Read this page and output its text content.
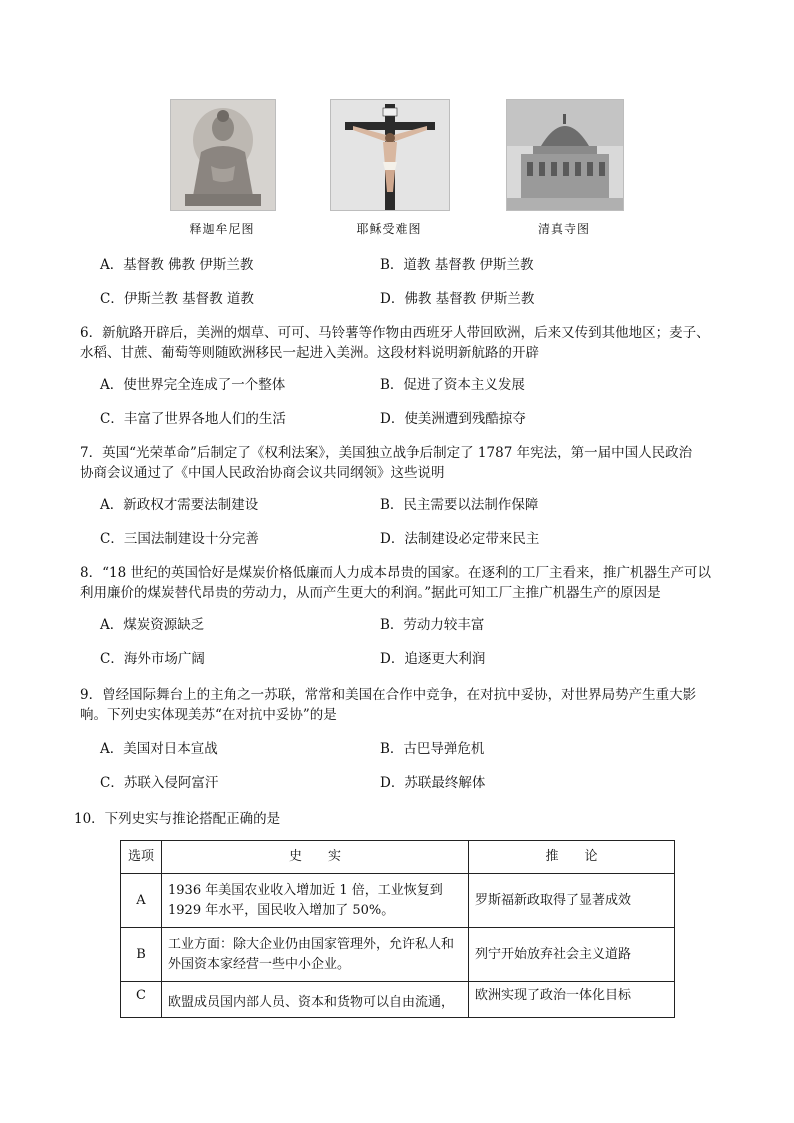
释迦牟尼图	耶稣受难图	清真寺图
A．基督教 佛教 伊斯兰教	B．道教 基督教 伊斯兰教
C．伊斯兰教 基督教 道教	D．佛教 基督教 伊斯兰教
6．新航路开辟后，美洲的烟草、可可、马铃薯等作物由西班牙人带回欧洲，后来又传到其他地区；麦子、
水稻、甘蔗、葡萄等则随欧洲移民一起进入美洲。这段材料说明新航路的开辟
A．使世界完全连成了一个整体	B．促进了资本主义发展
C．丰富了世界各地人们的生活	D．使美洲遭到残酷掠夺
7．英国“光荣革命”后制定了《权利法案》，美国独立战争后制定了 1787 年宪法，第一届中国人民政治
协商会议通过了《中国人民政治协商会议共同纲领》这些说明
A．新政权才需要法制建设	B．民主需要以法制作保障
C．三国法制建设十分完善	D．法制建设必定带来民主
8．“18 世纪的英国恰好是煤炭价格低廉而人力成本昂贵的国家。在逐利的工厂主看来，推广机器生产可以
利用廉价的煤炭替代昂贵的劳动力，从而产生更大的利润。”据此可知工厂主推广机器生产的原因是
A．煤炭资源缺乏	B．劳动力较丰富
C．海外市场广阔	D．追逐更大利润
9．曾经国际舞台上的主角之一苏联，常常和美国在合作中竞争，在对抗中妥协，对世界局势产生重大影
响。下列史实体现美苏“在对抗中妥协”的是
A．美国对日本宣战	B．古巴导弹危机
C．苏联入侵阿富汗	D．苏联最终解体
10．下列史实与推论搭配正确的是
选项	史　　实	推　　论
A	1936 年美国农业收入增加近 1 倍，工业恢复到 1929 年水平，国民收入增加了 50%。	罗斯福新政取得了显著成效
B	工业方面：除大企业仍由国家管理外，允许私人和外国资本家经营一些中小企业。	列宁开始放弃社会主义道路
C	欧盟成员国内部人员、资本和货物可以自由流通，	欧洲实现了政治一体化目标
